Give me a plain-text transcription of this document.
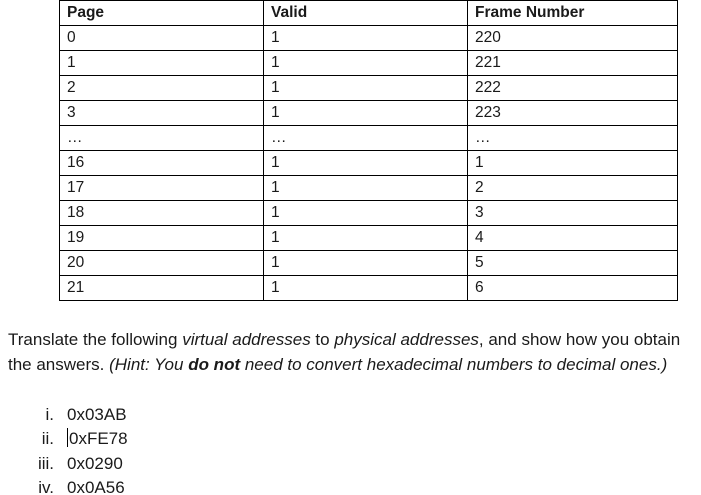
Page	Valid	Frame Number
0	1	220
1	1	221
2	1	222
3	1	223
…	…	…
16	1	1
17	1	2
18	1	3
19	1	4
20	1	5
21	1	6
Translate the following virtual addresses to physical addresses, and show how you obtain the answers. (Hint: You do not need to convert hexadecimal numbers to decimal ones.)
i. 0x03AB
ii. 0xFE78
iii. 0x0290
iv. 0x0A56
